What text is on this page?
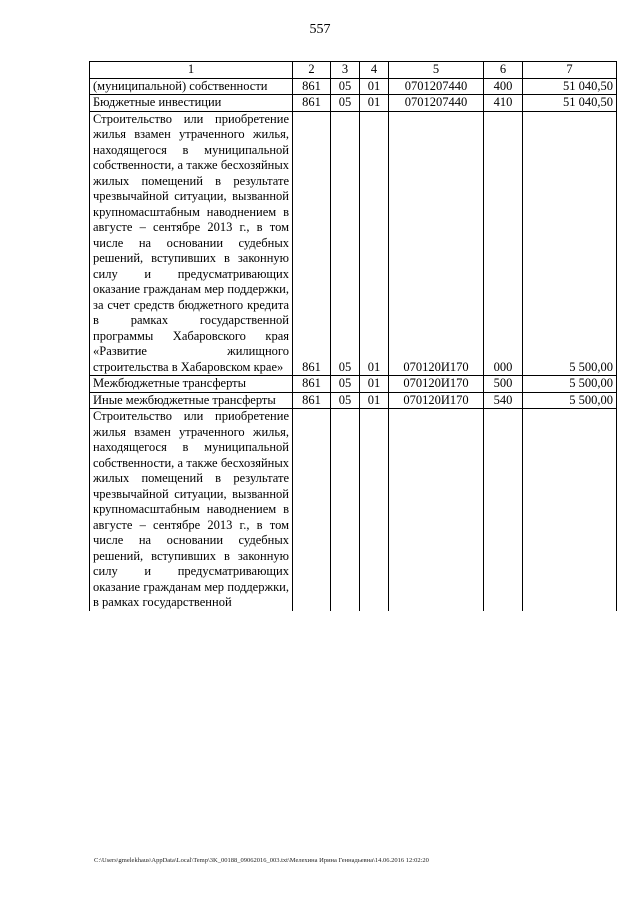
557
1	2	3	4	5	6	7
(муниципальной) собственности	861	05	01	0701207440	400	51 040,50
Бюджетные инвестиции	861	05	01	0701207440	410	51 040,50
Строительство или приобретение жилья взамен утраченного жилья, находящегося в муниципальной собственности, а также бесхозяйных жилых помещений в результате чрезвычайной ситуации, вызванной крупномасштабным наводнением в августе – сентябре 2013 г., в том числе на основании судебных решений, вступивших в законную силу и предусматривающих оказание гражданам мер поддержки, за счет средств бюджетного кредита в рамках государственной программы Хабаровского края «Развитие жилищного строительства в Хабаровском крае»	861	05	01	070120И170	000	5 500,00
Межбюджетные трансферты	861	05	01	070120И170	500	5 500,00
Иные межбюджетные трансферты	861	05	01	070120И170	540	5 500,00
Строительство или приобретение жилья взамен утраченного жилья, находящегося в муниципальной собственности, а также бесхозяйных жилых помещений в результате чрезвычайной ситуации, вызванной крупномасштабным наводнением в августе – сентябре 2013 г., в том числе на основании судебных решений, вступивших в законную силу и предусматривающих оказание гражданам мер поддержки, в рамках государственной						
C:\Users\gmelekhaus\AppData\Local\Temp\3K_00188_09062016_003.txt\Мелехина Ирина Геннадьевна\14.06.2016 12:02:20
